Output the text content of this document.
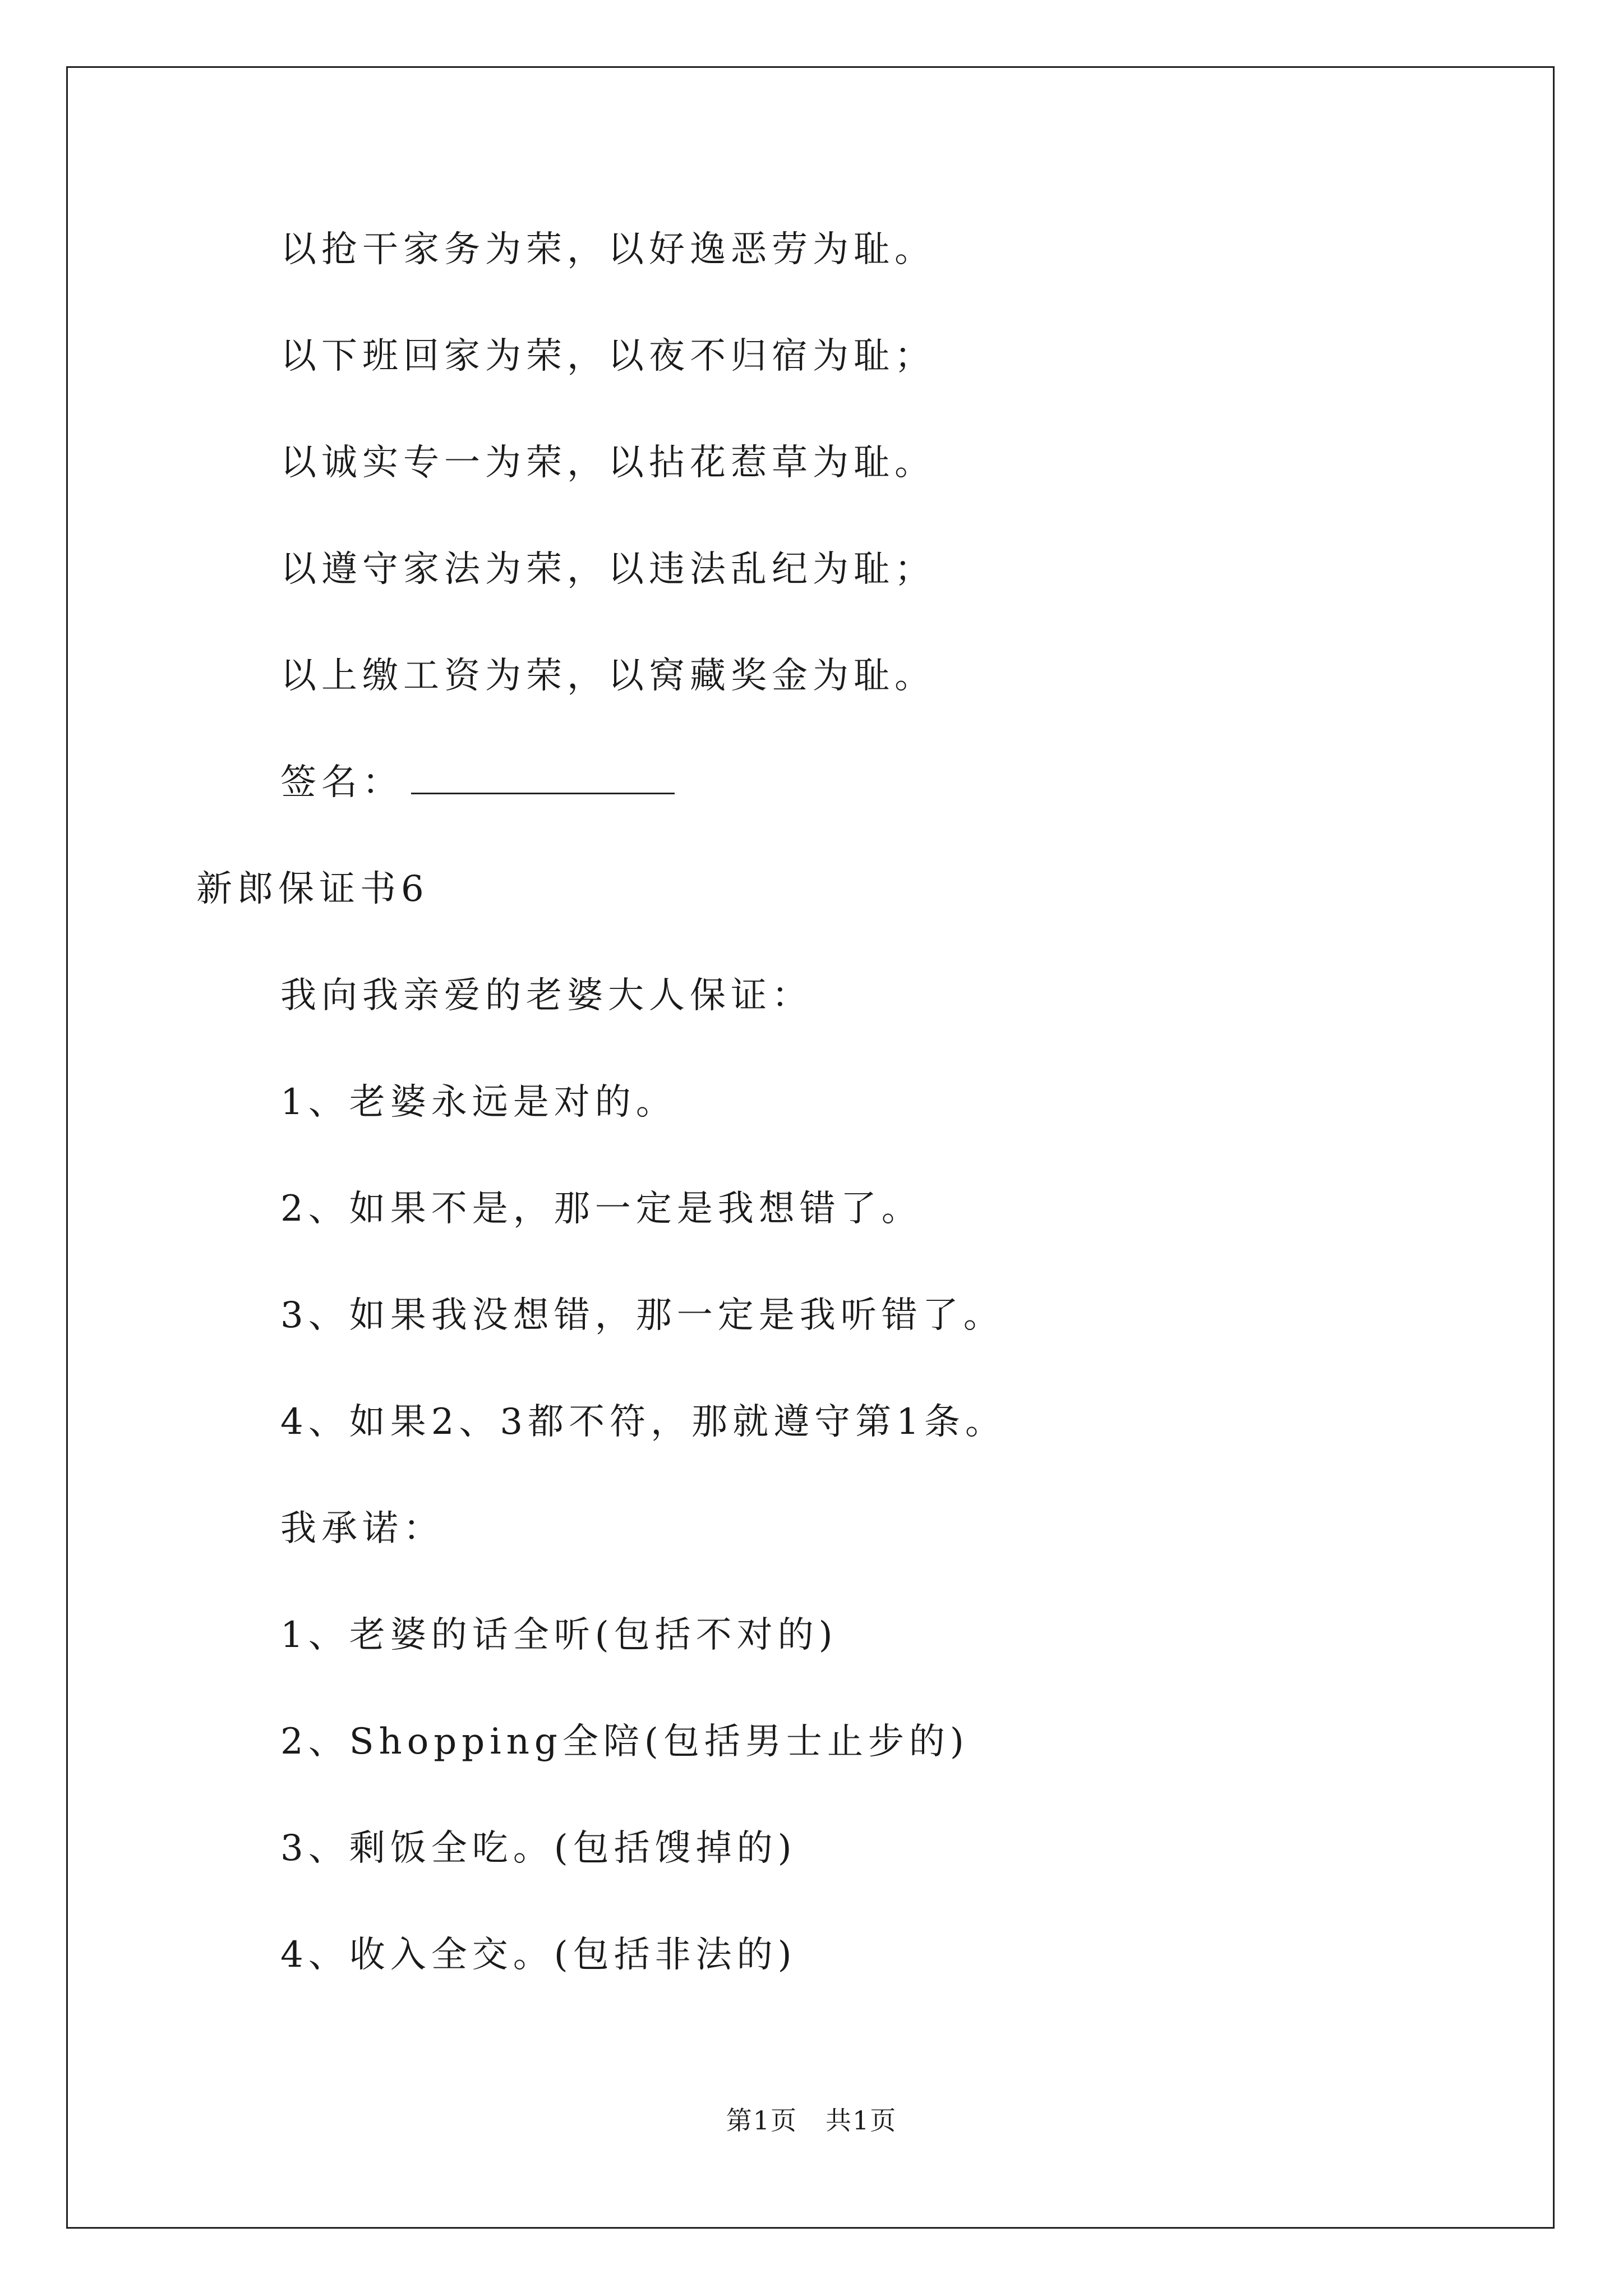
以抢干家务为荣，以好逸恶劳为耻。
以下班回家为荣，以夜不归宿为耻；
以诚实专一为荣，以拈花惹草为耻。
以遵守家法为荣，以违法乱纪为耻；
以上缴工资为荣，以窝藏奖金为耻。
签名：
新郎保证书6
我向我亲爱的老婆大人保证：
1、老婆永远是对的。
2、如果不是，那一定是我想错了。
3、如果我没想错，那一定是我听错了。
4、如果2、3都不符，那就遵守第1条。
我承诺：
1、老婆的话全听(包括不对的)
2、Shopping全陪(包括男士止步的)
3、剩饭全吃。(包括馊掉的)
4、收入全交。(包括非法的)
第1页 共1页
